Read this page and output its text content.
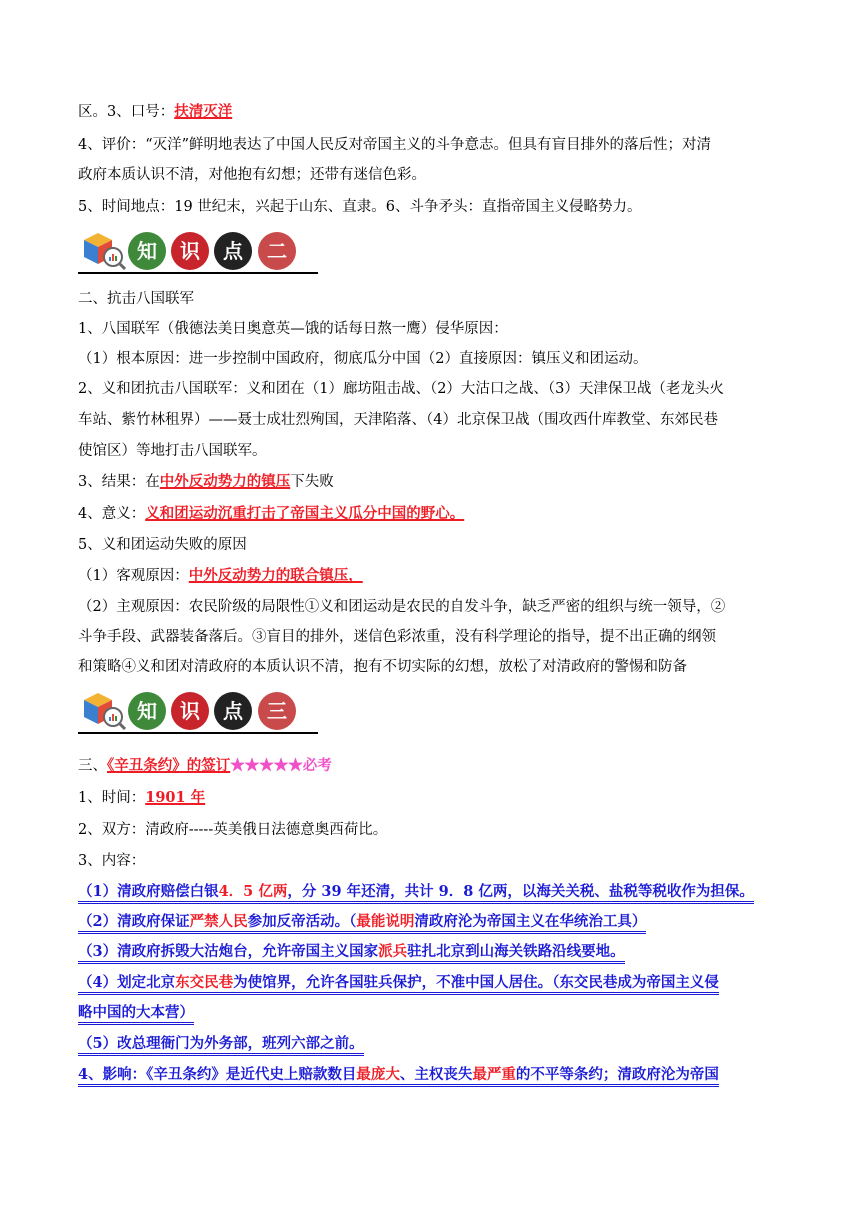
区。3、口号：扶清灭洋
4、评价：“灭洋”鲜明地表达了中国人民反对帝国主义的斗争意志。但具有盲目排外的落后性；对清
政府本质认识不清，对他抱有幻想；还带有迷信色彩。
5、时间地点：19 世纪末，兴起于山东、直隶。6、斗争矛头：直指帝国主义侵略势力。
知	识	点	二
二、抗击八国联军
1、八国联军（俄德法美日奥意英—饿的话每日熬一鹰）侵华原因：
（1）根本原因：进一步控制中国政府，彻底瓜分中国（2）直接原因：镇压义和团运动。
2、义和团抗击八国联军：义和团在（1）廊坊阻击战、（2）大沽口之战、（3）天津保卫战（老龙头火
车站、紫竹林租界）——聂士成壮烈殉国，天津陷落、（4）北京保卫战（围攻西什库教堂、东郊民巷
使馆区）等地打击八国联军。
3、结果：在中外反动势力的镇压下失败
4、意义：义和团运动沉重打击了帝国主义瓜分中国的野心。
5、义和团运动失败的原因
（1）客观原因：中外反动势力的联合镇压，
（2）主观原因：农民阶级的局限性①义和团运动是农民的自发斗争，缺乏严密的组织与统一领导，②
斗争手段、武器装备落后。③盲目的排外，迷信色彩浓重，没有科学理论的指导，提不出正确的纲领
和策略④义和团对清政府的本质认识不清，抱有不切实际的幻想，放松了对清政府的警惕和防备
知	识	点	三
三、《辛丑条约》的签订★★★★★必考
1、时间：1901 年
2、双方：清政府-----英美俄日法德意奥西荷比。
3、内容：
（1）清政府赔偿白银4．5 亿两，分 39 年还清，共计 9．8 亿两，以海关关税、盐税等税收作为担保。
（2）清政府保证严禁人民参加反帝活动。（最能说明清政府沦为帝国主义在华统治工具）
（3）清政府拆毁大沽炮台，允许帝国主义国家派兵驻扎北京到山海关铁路沿线要地。
（4）划定北京东交民巷为使馆界，允许各国驻兵保护，不准中国人居住。（东交民巷成为帝国主义侵
略中国的大本营）
（5）改总理衙门为外务部，班列六部之前。
4、影响：《辛丑条约》是近代史上赔款数目最庞大、主权丧失最严重的不平等条约；清政府沦为帝国
